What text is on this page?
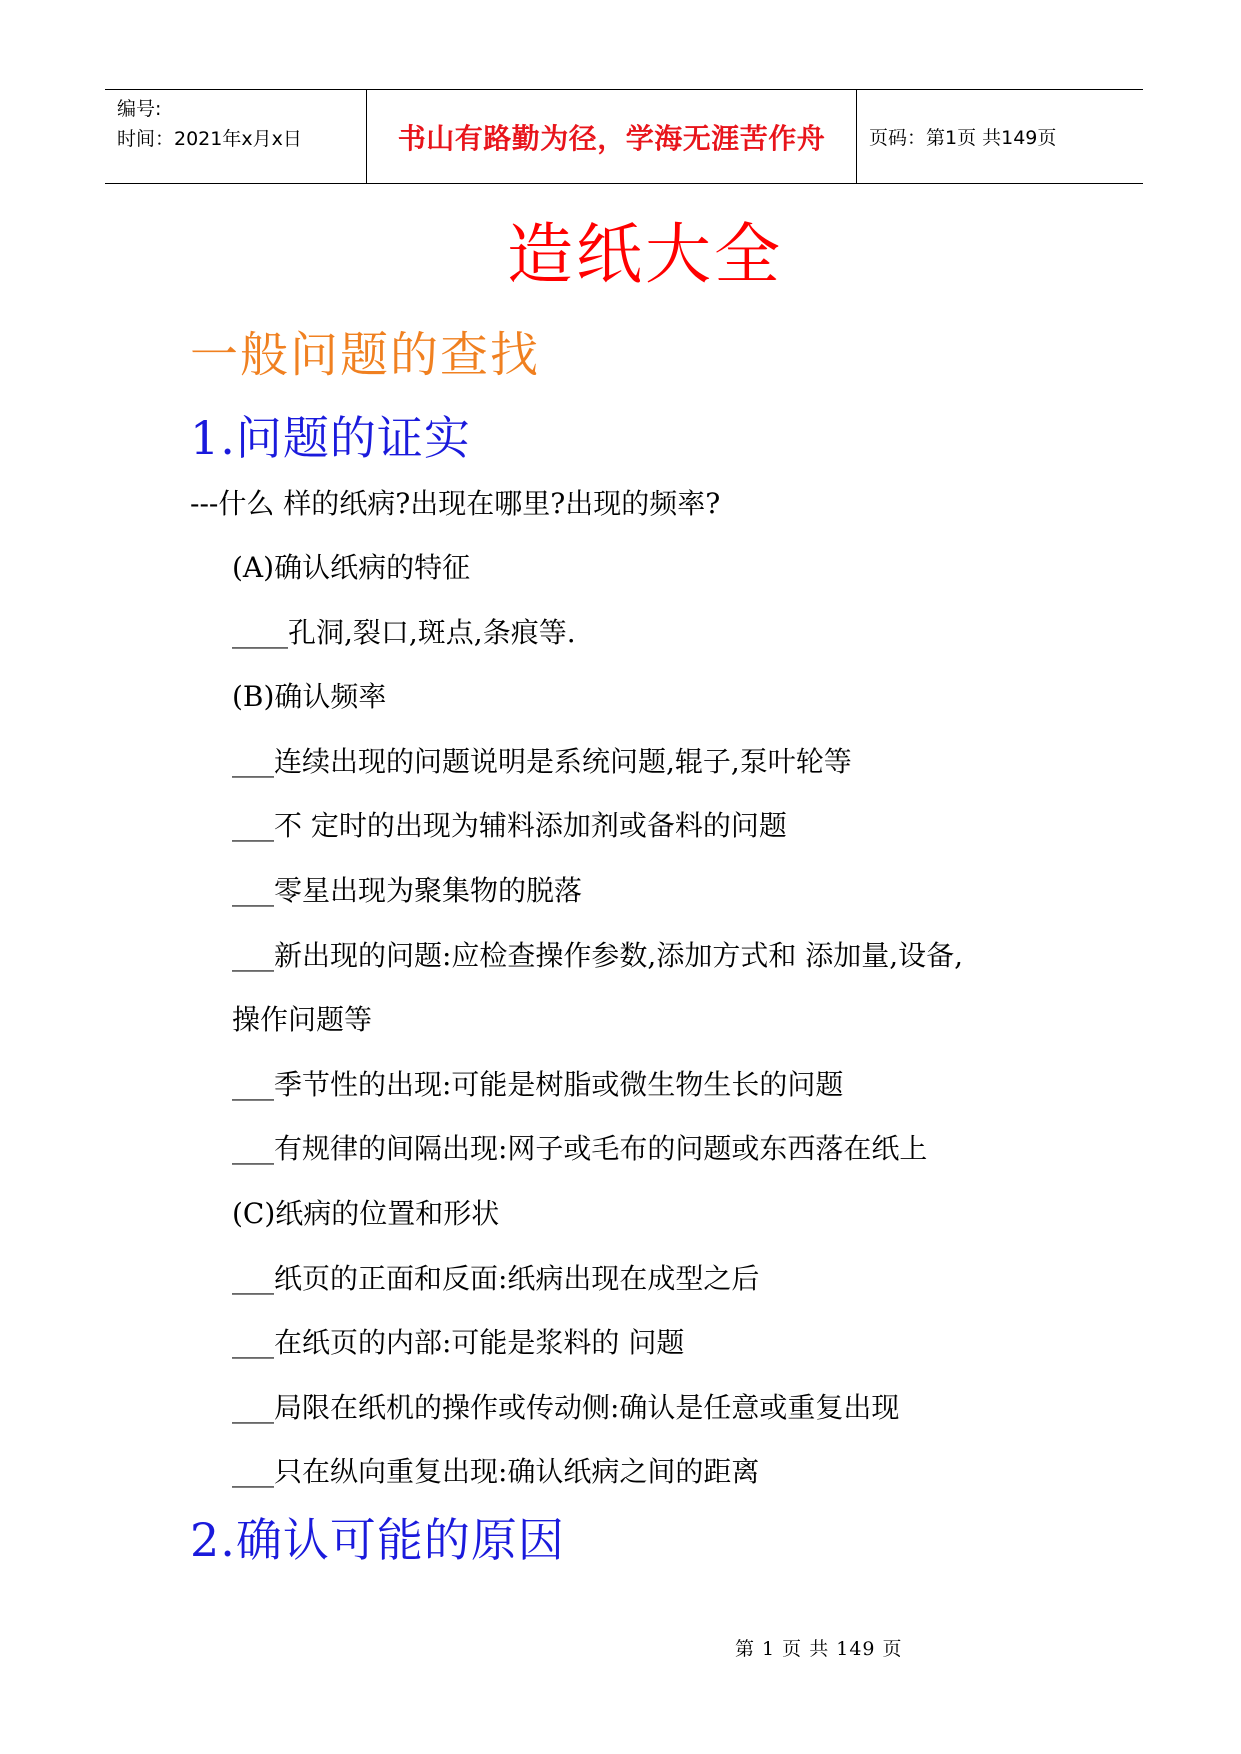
编号:
时间：2021年x月x日	书山有路勤为径，学海无涯苦作舟	页码：第1页 共149页
造纸大全
一般问题的查找
1.问题的证实
---什么 样的纸病?出现在哪里?出现的频率?
(A)确认纸病的特征
____孔洞,裂口,斑点,条痕等.
(B)确认频率
___连续出现的问题说明是系统问题,辊子,泵叶轮等
___不 定时的出现为辅料添加剂或备料的问题
___零星出现为聚集物的脱落
___新出现的问题:应检查操作参数,添加方式和 添加量,设备,
操作问题等
___季节性的出现:可能是树脂或微生物生长的问题
___有规律的间隔出现:网子或毛布的问题或东西落在纸上
(C)纸病的位置和形状
___纸页的正面和反面:纸病出现在成型之后
___在纸页的内部:可能是浆料的 问题
___局限在纸机的操作或传动侧:确认是任意或重复出现
___只在纵向重复出现:确认纸病之间的距离
2.确认可能的原因
第 1 页 共 149 页
